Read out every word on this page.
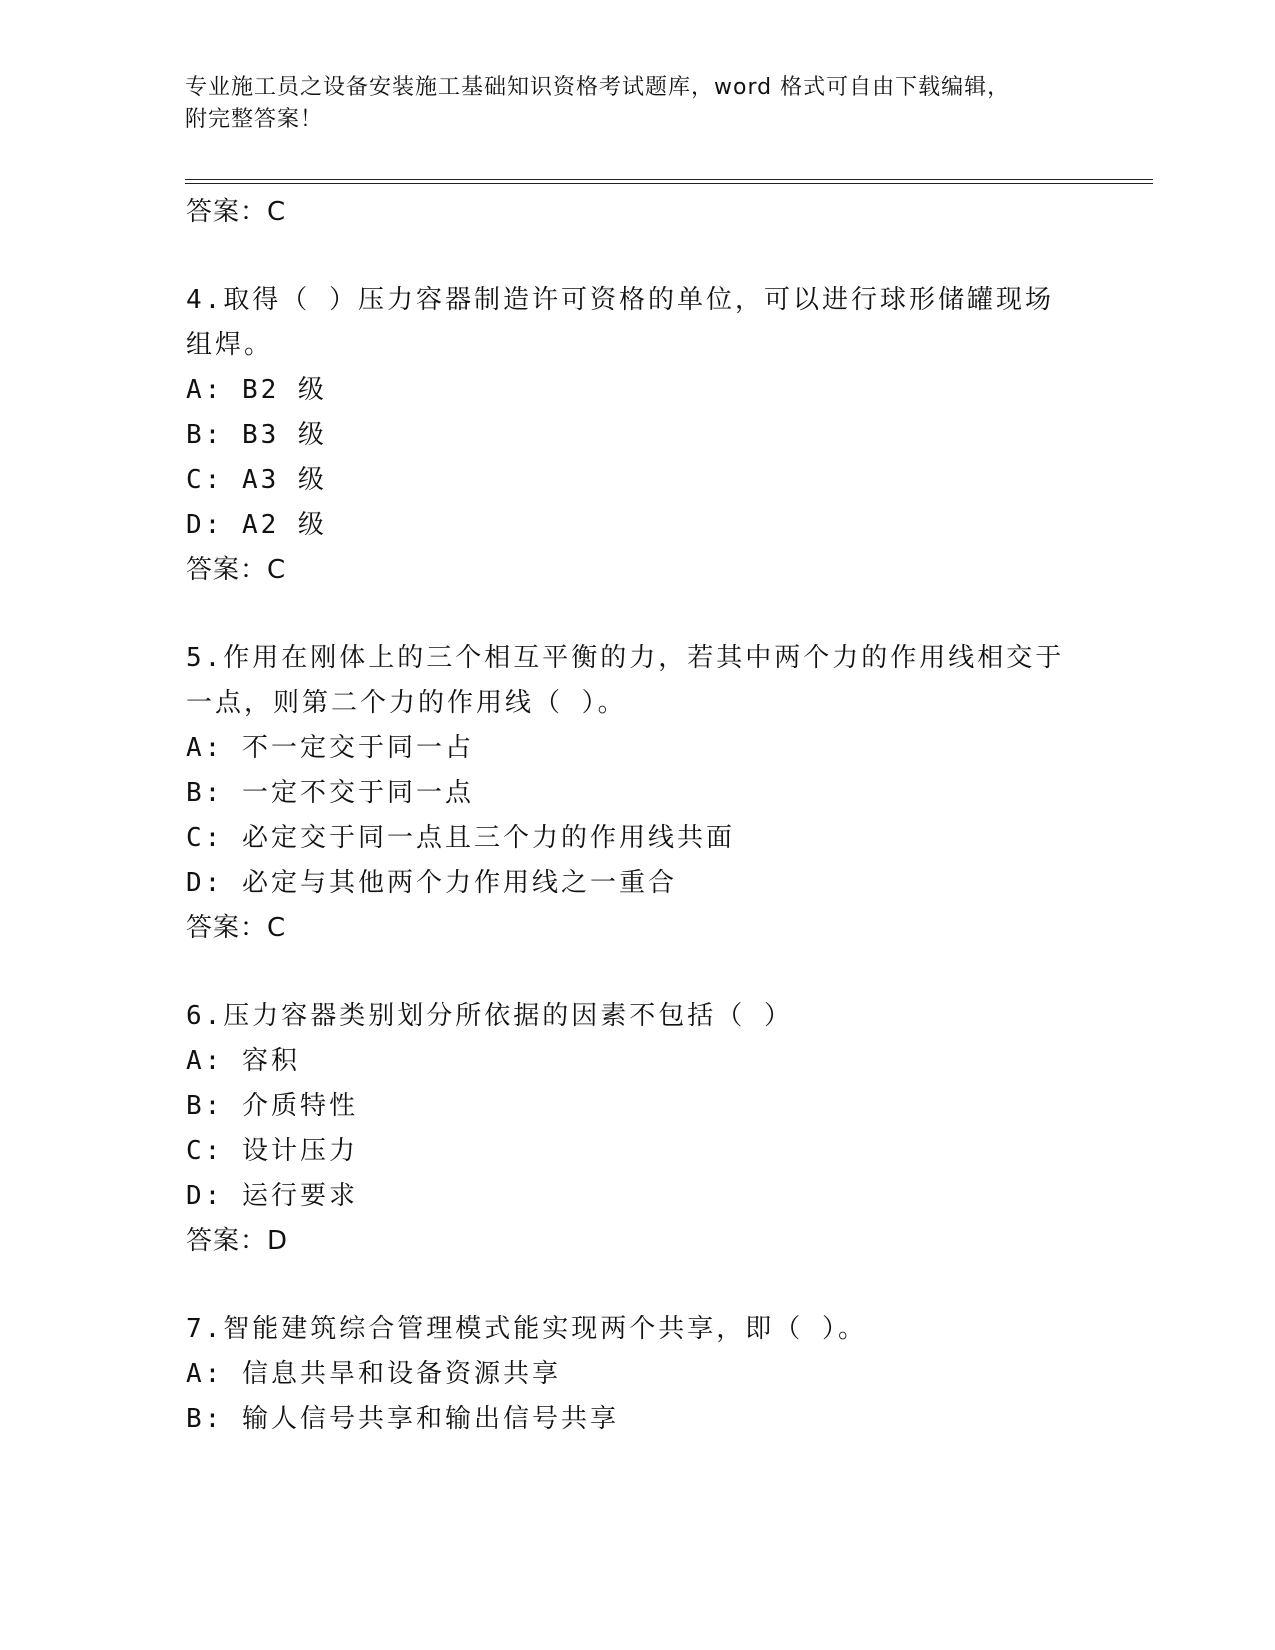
专业施工员之设备安装施工基础知识资格考试题库，word 格式可自由下载编辑，
附完整答案！
答案：C
4.取得（ ）压力容器制造许可资格的单位，可以进行球形储罐现场组焊。
A: B2 级
B: B3 级
C: A3 级
D: A2 级
答案：C
5.作用在刚体上的三个相互平衡的力，若其中两个力的作用线相交于一点，则第二个力的作用线（ ）。
A: 不一定交于同一占
B: 一定不交于同一点
C: 必定交于同一点且三个力的作用线共面
D: 必定与其他两个力作用线之一重合
答案：C
6.压力容器类别划分所依据的因素不包括（ ）
A: 容积
B: 介质特性
C: 设计压力
D: 运行要求
答案：D
7.智能建筑综合管理模式能实现两个共享，即（ ）。
A: 信息共旱和设备资源共享
B: 输人信号共享和输出信号共享
